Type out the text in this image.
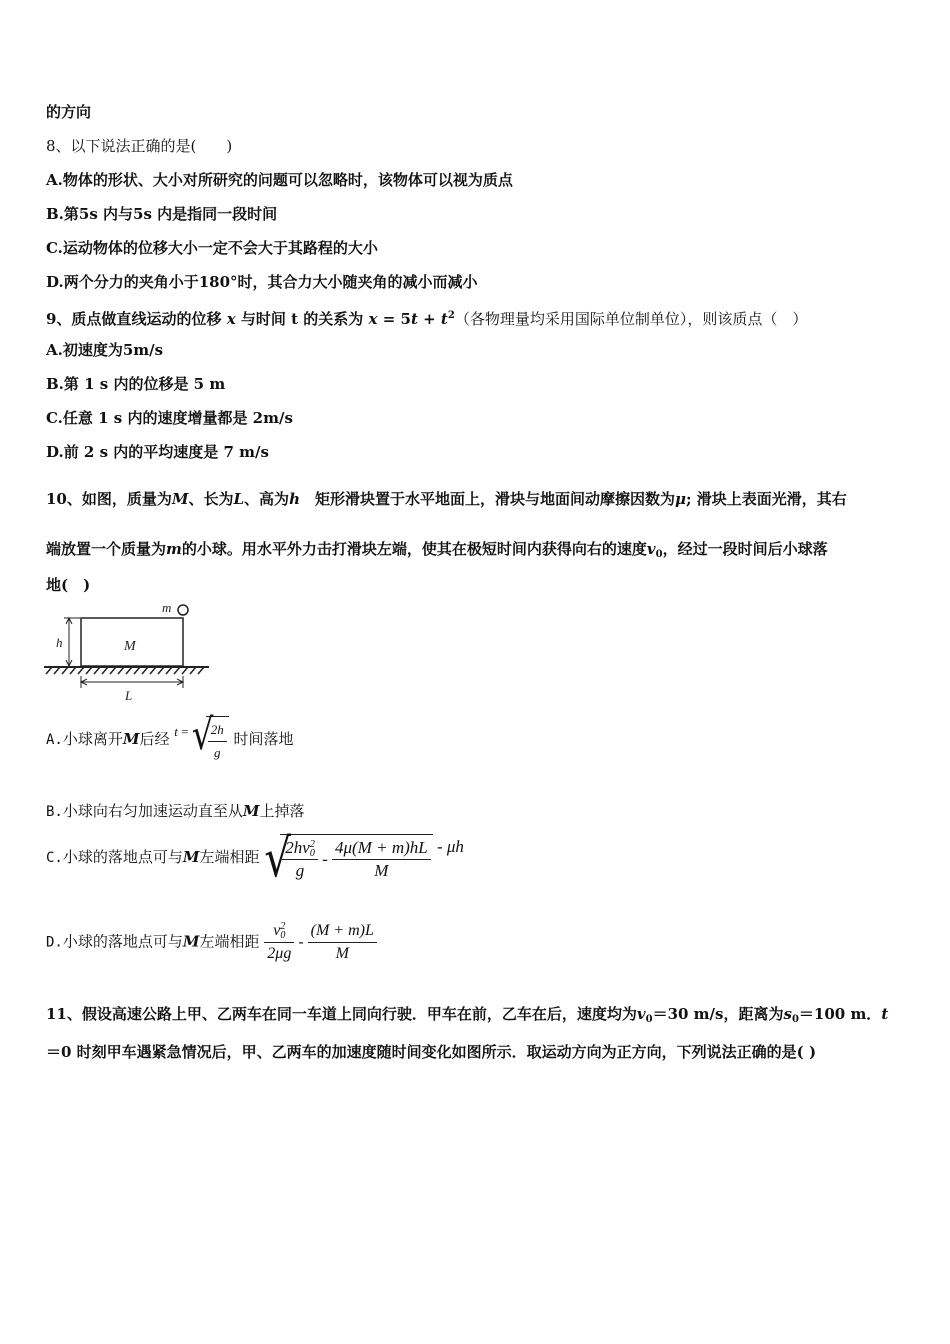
的方向
8、以下说法正确的是(　　)
A.物体的形状、大小对所研究的问题可以忽略时，该物体可以视为质点
B.第5s 内与5s 内是指同一段时间
C.运动物体的位移大小一定不会大于其路程的大小
D.两个分力的夹角小于180°时，其合力大小随夹角的减小而减小
9、质点做直线运动的位移 x 与时间 t 的关系为 $x = 5t + t^2$（各物理量均采用国际单位制单位），则该质点（　）
A.初速度为5m/s
B.第 1 s 内的位移是 5 m
C.任意 1 s 内的速度增量都是 2m/s
D.前 2 s 内的平均速度是 7 m/s
10、如图，质量为M、长为L、高为h　矩形滑块置于水平地面上，滑块与地面间动摩擦因数为μ; 滑块上表面光滑，其右
端放置一个质量为m的小球。用水平外力击打滑块左端，使其在极短时间内获得向右的速度$v_0$，经过一段时间后小球落
地(　)
m
M
h
L
A.小球离开M后经 t = √
$\frac{2h}{g}$ 时间落地
B.小球向右匀加速运动直至从M上掉落
C.小球的落地点可与M左端相距 √
2hv 2
0
g - $\frac{4\mu(M + m)hL}{M}$ - μh
D.小球的落地点可与M左端相距 v 2
0
$2\mu g - \frac{(M + m)L}{M}$
11、假设高速公路上甲、乙两车在同一车道上同向行驶．甲车在前，乙车在后，速度均为$v_0=30$ m/s，距离为$s_0=100$ m．t
＝0 时刻甲车遇紧急情况后，甲、乙两车的加速度随时间变化如图所示．取运动方向为正方向，下列说法正确的是( )
